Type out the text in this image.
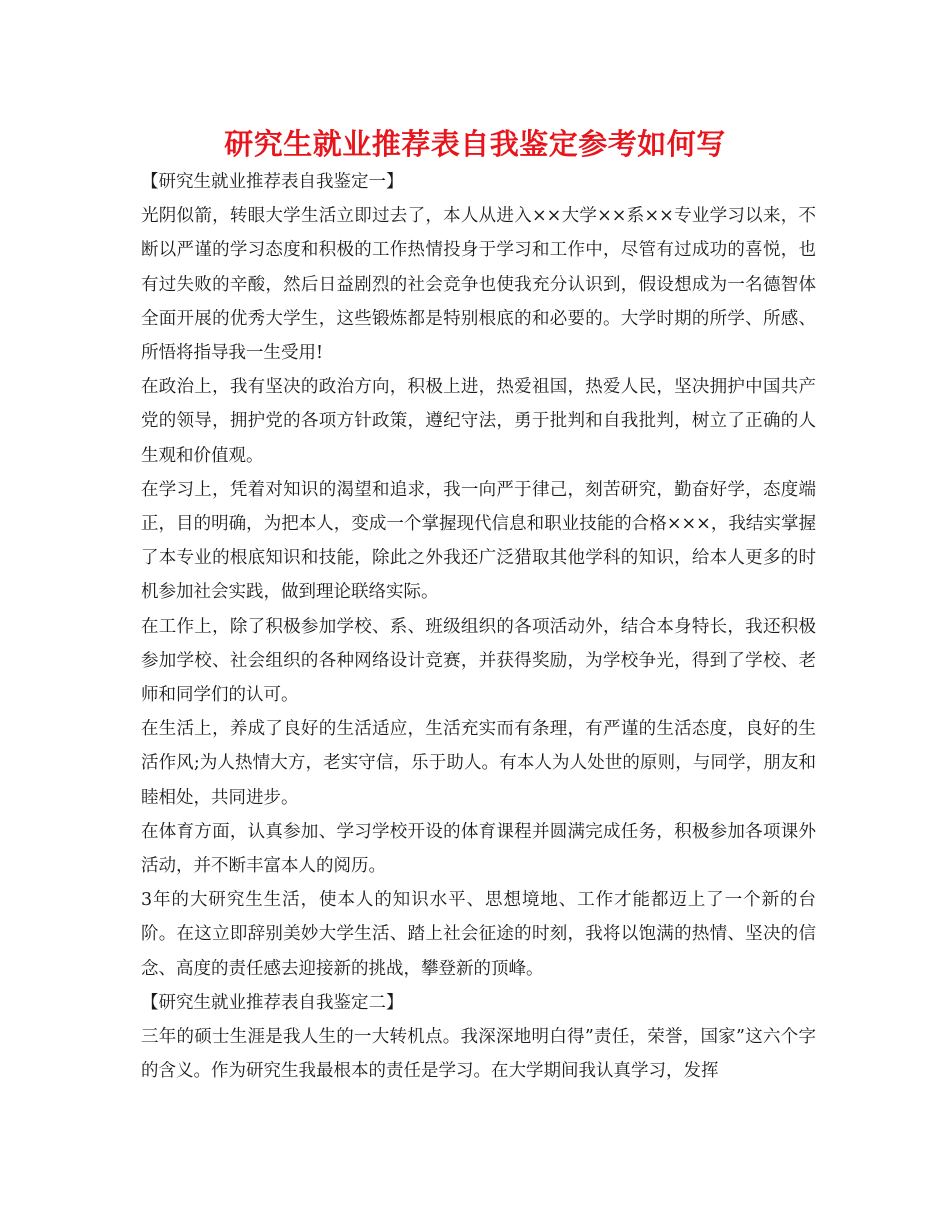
研究生就业推荐表自我鉴定参考如何写

【研究生就业推荐表自我鉴定一】

光阴似箭，转眼大学生活立即过去了，本人从进入××大学××系××专业学习以来，不断以严谨的学习态度和积极的工作热情投身于学习和工作中，尽管有过成功的喜悦，也有过失败的辛酸，然后日益剧烈的社会竞争也使我充分认识到，假设想成为一名德智体全面开展的优秀大学生，这些锻炼都是特别根底的和必要的。大学时期的所学、所感、所悟将指导我一生受用!

在政治上，我有坚决的政治方向，积极上进，热爱祖国，热爱人民，坚决拥护中国共产党的领导，拥护党的各项方针政策，遵纪守法，勇于批判和自我批判，树立了正确的人生观和价值观。

在学习上，凭着对知识的渴望和追求，我一向严于律己，刻苦研究，勤奋好学，态度端正，目的明确，为把本人，变成一个掌握现代信息和职业技能的合格×××，我结实掌握了本专业的根底知识和技能，除此之外我还广泛猎取其他学科的知识，给本人更多的时机参加社会实践，做到理论联络实际。

在工作上，除了积极参加学校、系、班级组织的各项活动外，结合本身特长，我还积极参加学校、社会组织的各种网络设计竞赛，并获得奖励，为学校争光，得到了学校、老师和同学们的认可。

在生活上，养成了良好的生活适应，生活充实而有条理，有严谨的生活态度，良好的生活作风;为人热情大方，老实守信，乐于助人。有本人为人处世的原则，与同学，朋友和睦相处，共同进步。

在体育方面，认真参加、学习学校开设的体育课程并圆满完成任务，积极参加各项课外活动，并不断丰富本人的阅历。

3年的大研究生生活，使本人的知识水平、思想境地、工作才能都迈上了一个新的台阶。在这立即辞别美妙大学生活、踏上社会征途的时刻，我将以饱满的热情、坚决的信念、高度的责任感去迎接新的挑战，攀登新的顶峰。

【研究生就业推荐表自我鉴定二】

三年的硕士生涯是我人生的一大转机点。我深深地明白得”责任，荣誉，国家”这六个字的含义。作为研究生我最根本的责任是学习。在大学期间我认真学习，发挥
